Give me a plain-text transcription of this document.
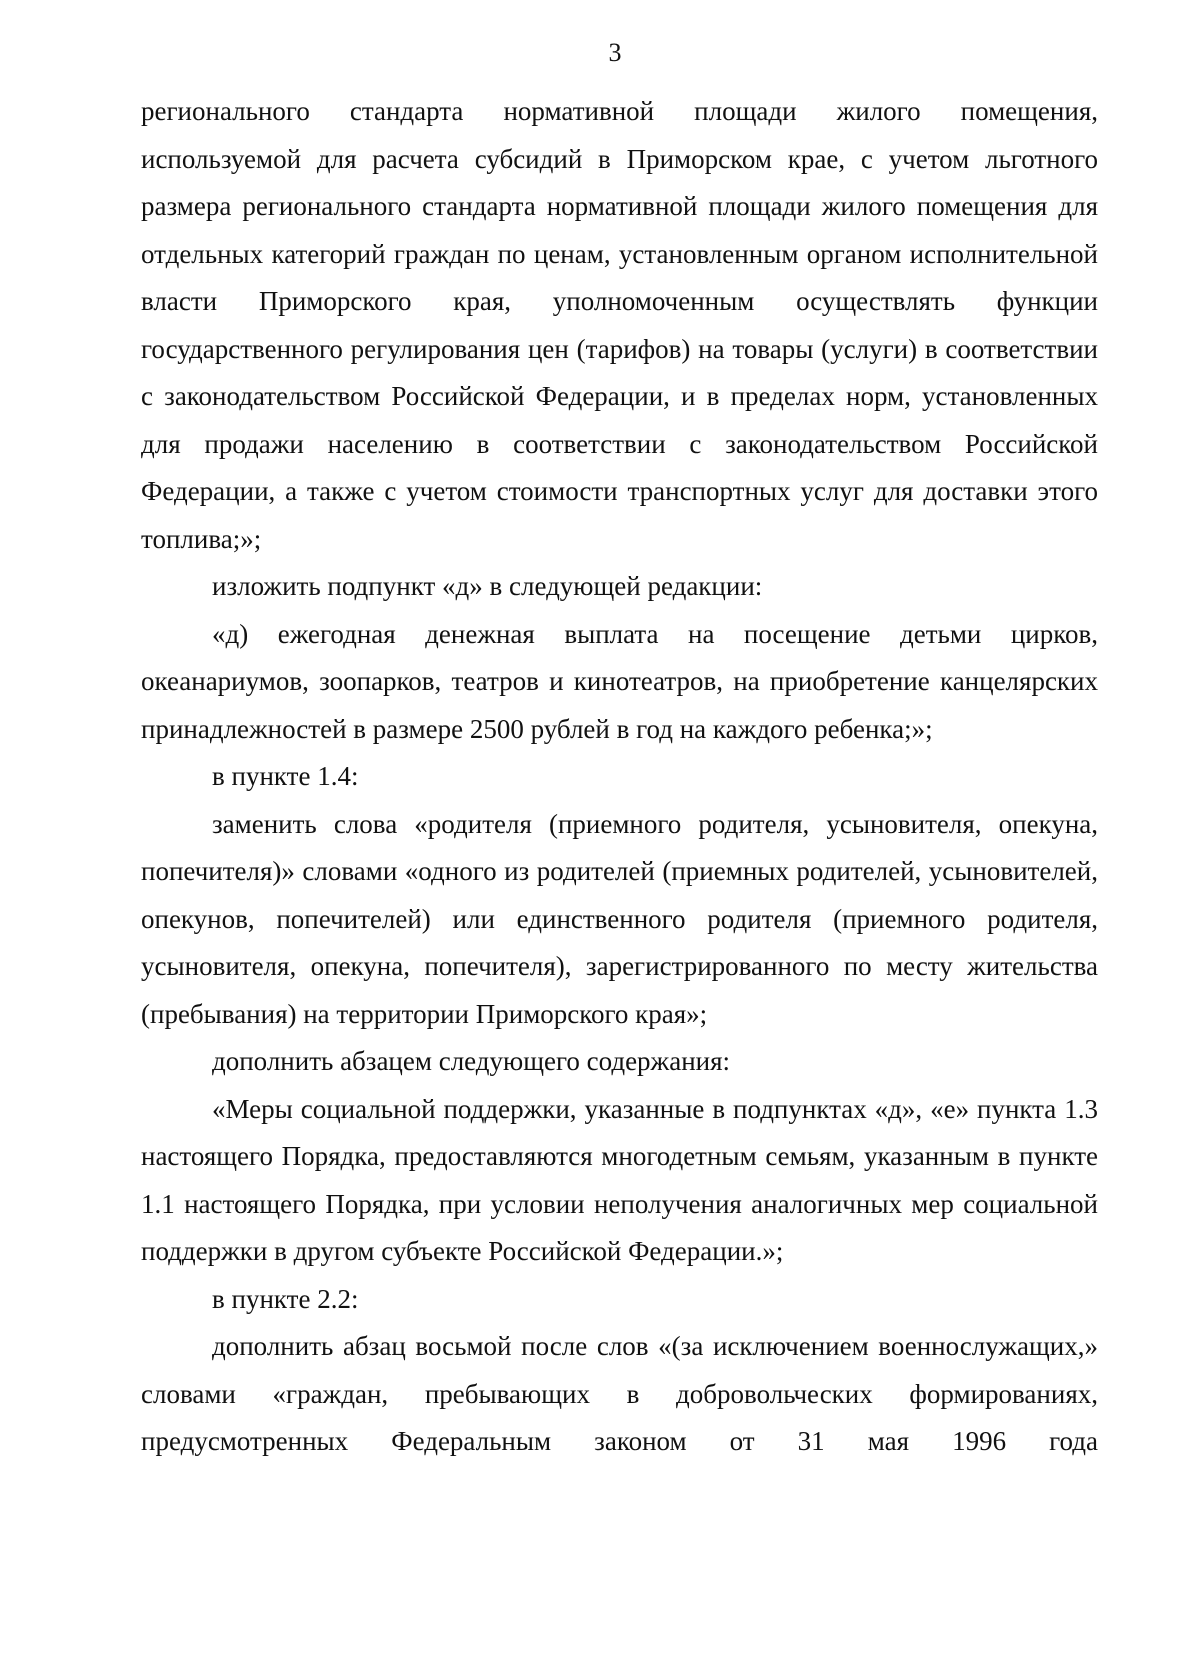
3

регионального стандарта нормативной площади жилого помещения, используемой для расчета субсидий в Приморском крае, с учетом льготного размера регионального стандарта нормативной площади жилого помещения для отдельных категорий граждан по ценам, установленным органом исполнительной власти Приморского края, уполномоченным осуществлять функции государственного регулирования цен (тарифов) на товары (услуги) в соответствии с законодательством Российской Федерации, и в пределах норм, установленных для продажи населению в соответствии с законодательством Российской Федерации, а также с учетом стоимости транспортных услуг для доставки этого топлива;»;

изложить подпункт «д» в следующей редакции:

«д) ежегодная денежная выплата на посещение детьми цирков, океанариумов, зоопарков, театров и кинотеатров, на приобретение канцелярских принадлежностей в размере 2500 рублей в год на каждого ребенка;»;

в пункте 1.4:

заменить слова «родителя (приемного родителя, усыновителя, опекуна, попечителя)» словами «одного из родителей (приемных родителей, усыновителей, опекунов, попечителей) или единственного родителя (приемного родителя, усыновителя, опекуна, попечителя), зарегистрированного по месту жительства (пребывания) на территории Приморского края»;

дополнить абзацем следующего содержания:

«Меры социальной поддержки, указанные в подпунктах «д», «е» пункта 1.3 настоящего Порядка, предоставляются многодетным семьям, указанным в пункте 1.1 настоящего Порядка, при условии неполучения аналогичных мер социальной поддержки в другом субъекте Российской Федерации.»;

в пункте 2.2:

дополнить абзац восьмой после слов «(за исключением военнослужащих,» словами «граждан, пребывающих в добровольческих формированиях, предусмотренных Федеральным законом от 31 мая 1996 года
